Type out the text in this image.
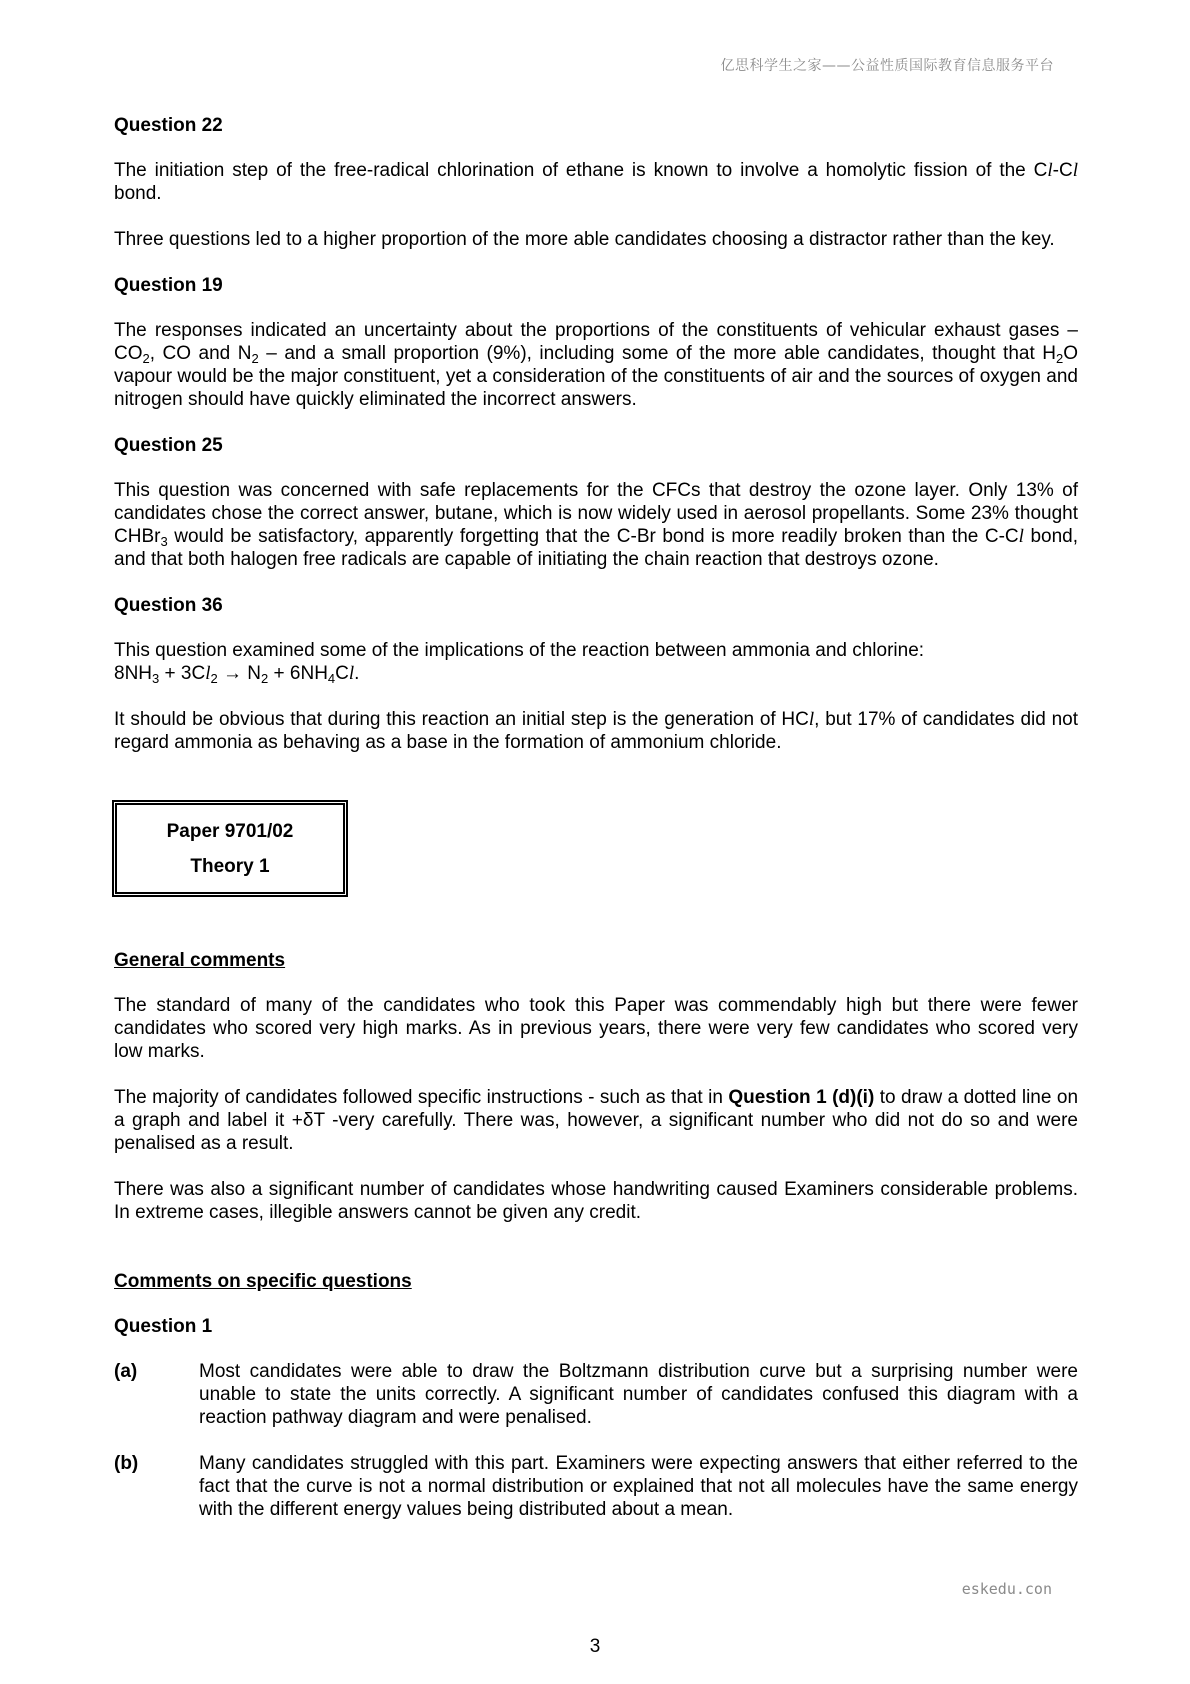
亿思科学生之家——公益性质国际教育信息服务平台
Question 22

The initiation step of the free-radical chlorination of ethane is known to involve a homolytic fission of the Cl-Cl bond.

Three questions led to a higher proportion of the more able candidates choosing a distractor rather than the key.

Question 19

The responses indicated an uncertainty about the proportions of the constituents of vehicular exhaust gases – $CO_2$, CO and $N_2$ – and a small proportion (9%), including some of the more able candidates, thought that $H_2O$ vapour would be the major constituent, yet a consideration of the constituents of air and the sources of oxygen and nitrogen should have quickly eliminated the incorrect answers.

Question 25

This question was concerned with safe replacements for the CFCs that destroy the ozone layer. Only 13% of candidates chose the correct answer, butane, which is now widely used in aerosol propellants. Some 23% thought CHBr$_3$ would be satisfactory, apparently forgetting that the C-Br bond is more readily broken than the C-Cl bond, and that both halogen free radicals are capable of initiating the chain reaction that destroys ozone.

Question 36

This question examined some of the implications of the reaction between ammonia and chlorine:
$8NH_3 + 3Cl_2 \to N_2 + 6NH_4Cl$.

It should be obvious that during this reaction an initial step is the generation of HCl, but 17% of candidates did not regard ammonia as behaving as a base in the formation of ammonium chloride.

Paper 9701/02
Theory 1
General comments

The standard of many of the candidates who took this Paper was commendably high but there were fewer candidates who scored very high marks. As in previous years, there were very few candidates who scored very low marks.

The majority of candidates followed specific instructions - such as that in Question 1 (d)(i) to draw a dotted line on a graph and label it +δT -very carefully. There was, however, a significant number who did not do so and were penalised as a result.

There was also a significant number of candidates whose handwriting caused Examiners considerable problems. In extreme cases, illegible answers cannot be given any credit.

Comments on specific questions
Question 1
(a)	Most candidates were able to draw the Boltzmann distribution curve but a surprising number were unable to state the units correctly. A significant number of candidates confused this diagram with a reaction pathway diagram and were penalised.
(b)	Many candidates struggled with this part. Examiners were expecting answers that either referred to the fact that the curve is not a normal distribution or explained that not all molecules have the same energy with the different energy values being distributed about a mean.
eskedu.con
3
